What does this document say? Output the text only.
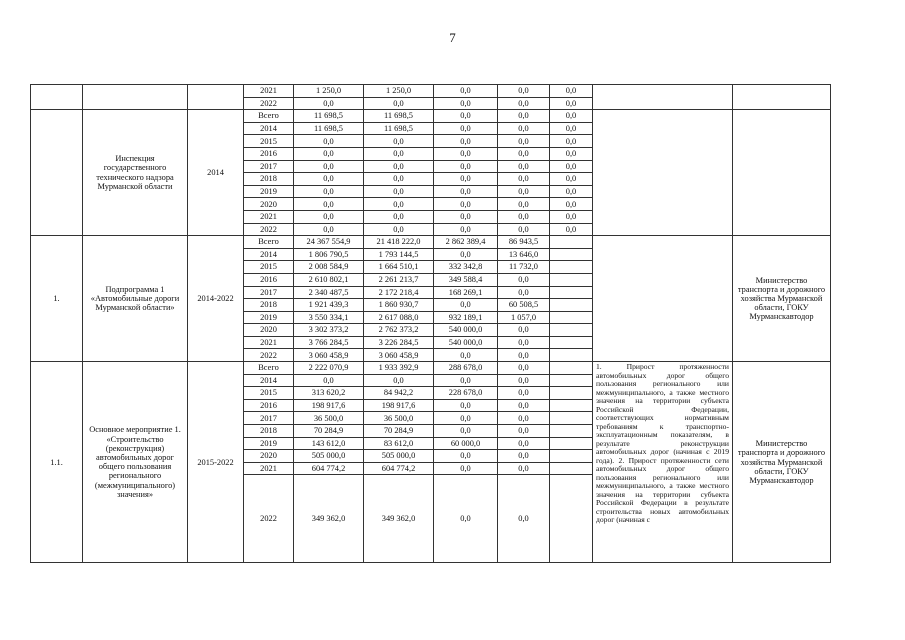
7
			2021	1 250,0	1 250,0	0,0	0,0	0,0		
			2022	0,0	0,0	0,0	0,0	0,0		
	Инспекция государственного технического надзора Мурманской области	2014	Всего	11 698,5	11 698,5	0,0	0,0	0,0		
			2014	11 698,5	11 698,5	0,0	0,0	0,0		
			2015	0,0	0,0	0,0	0,0	0,0		
			2016	0,0	0,0	0,0	0,0	0,0		
			2017	0,0	0,0	0,0	0,0	0,0		
			2018	0,0	0,0	0,0	0,0	0,0		
			2019	0,0	0,0	0,0	0,0	0,0		
			2020	0,0	0,0	0,0	0,0	0,0		
			2021	0,0	0,0	0,0	0,0	0,0		
			2022	0,0	0,0	0,0	0,0	0,0		
1.	Подпрограмма 1 «Автомобильные дороги Мурманской области»	2014-2022	Всего	24 367 554,9	21 418 222,0	2 862 389,4	86 943,5			Министерство транспорта и дорожного хозяйства Мурманской области, ГОКУ Мурманскавтодор
			2014	1 806 790,5	1 793 144,5	0,0	13 646,0			
			2015	2 008 584,9	1 664 510,1	332 342,8	11 732,0			
			2016	2 610 802,1	2 261 213,7	349 588,4	0,0			
			2017	2 340 487,5	2 172 218,4	168 269,1	0,0			
			2018	1 921 439,3	1 860 930,7	0,0	60 508,5			
			2019	3 550 334,1	2 617 088,0	932 189,1	1 057,0			
			2020	3 302 373,2	2 762 373,2	540 000,0	0,0			
			2021	3 766 284,5	3 226 284,5	540 000,0	0,0			
			2022	3 060 458,9	3 060 458,9	0,0	0,0			
1.1.	Основное мероприятие 1. «Строительство (реконструкция) автомобильных дорог общего пользования регионального (межмуниципального) значения»	2015-2022	Всего	2 222 070,9	1 933 392,9	288 678,0	0,0		1. Прирост протяженности автомобильных дорог общего пользования регионального или межмуниципального, а также местного значения на территории субъекта Российской Федерации, соответствующих нормативным требованиям к транспортно-эксплуатационным показателям, в результате реконструкции автомобильных дорог (начиная с 2019 года). 2. Прирост протяженности сети автомобильных дорог общего пользования регионального или межмуниципального, а также местного значения на территории субъекта Российской Федерации в результате строительства новых автомобильных дорог (начиная с	Министерство транспорта и дорожного хозяйства Мурманской области, ГОКУ Мурманскавтодор
			2014	0,0	0,0	0,0	0,0			
			2015	313 620,2	84 942,2	228 678,0	0,0			
			2016	198 917,6	198 917,6	0,0	0,0			
			2017	36 500,0	36 500,0	0,0	0,0			
			2018	70 284,9	70 284,9	0,0	0,0			
			2019	143 612,0	83 612,0	60 000,0	0,0			
			2020	505 000,0	505 000,0	0,0	0,0			
			2021	604 774,2	604 774,2	0,0	0,0			
			2022	349 362,0	349 362,0	0,0	0,0			
